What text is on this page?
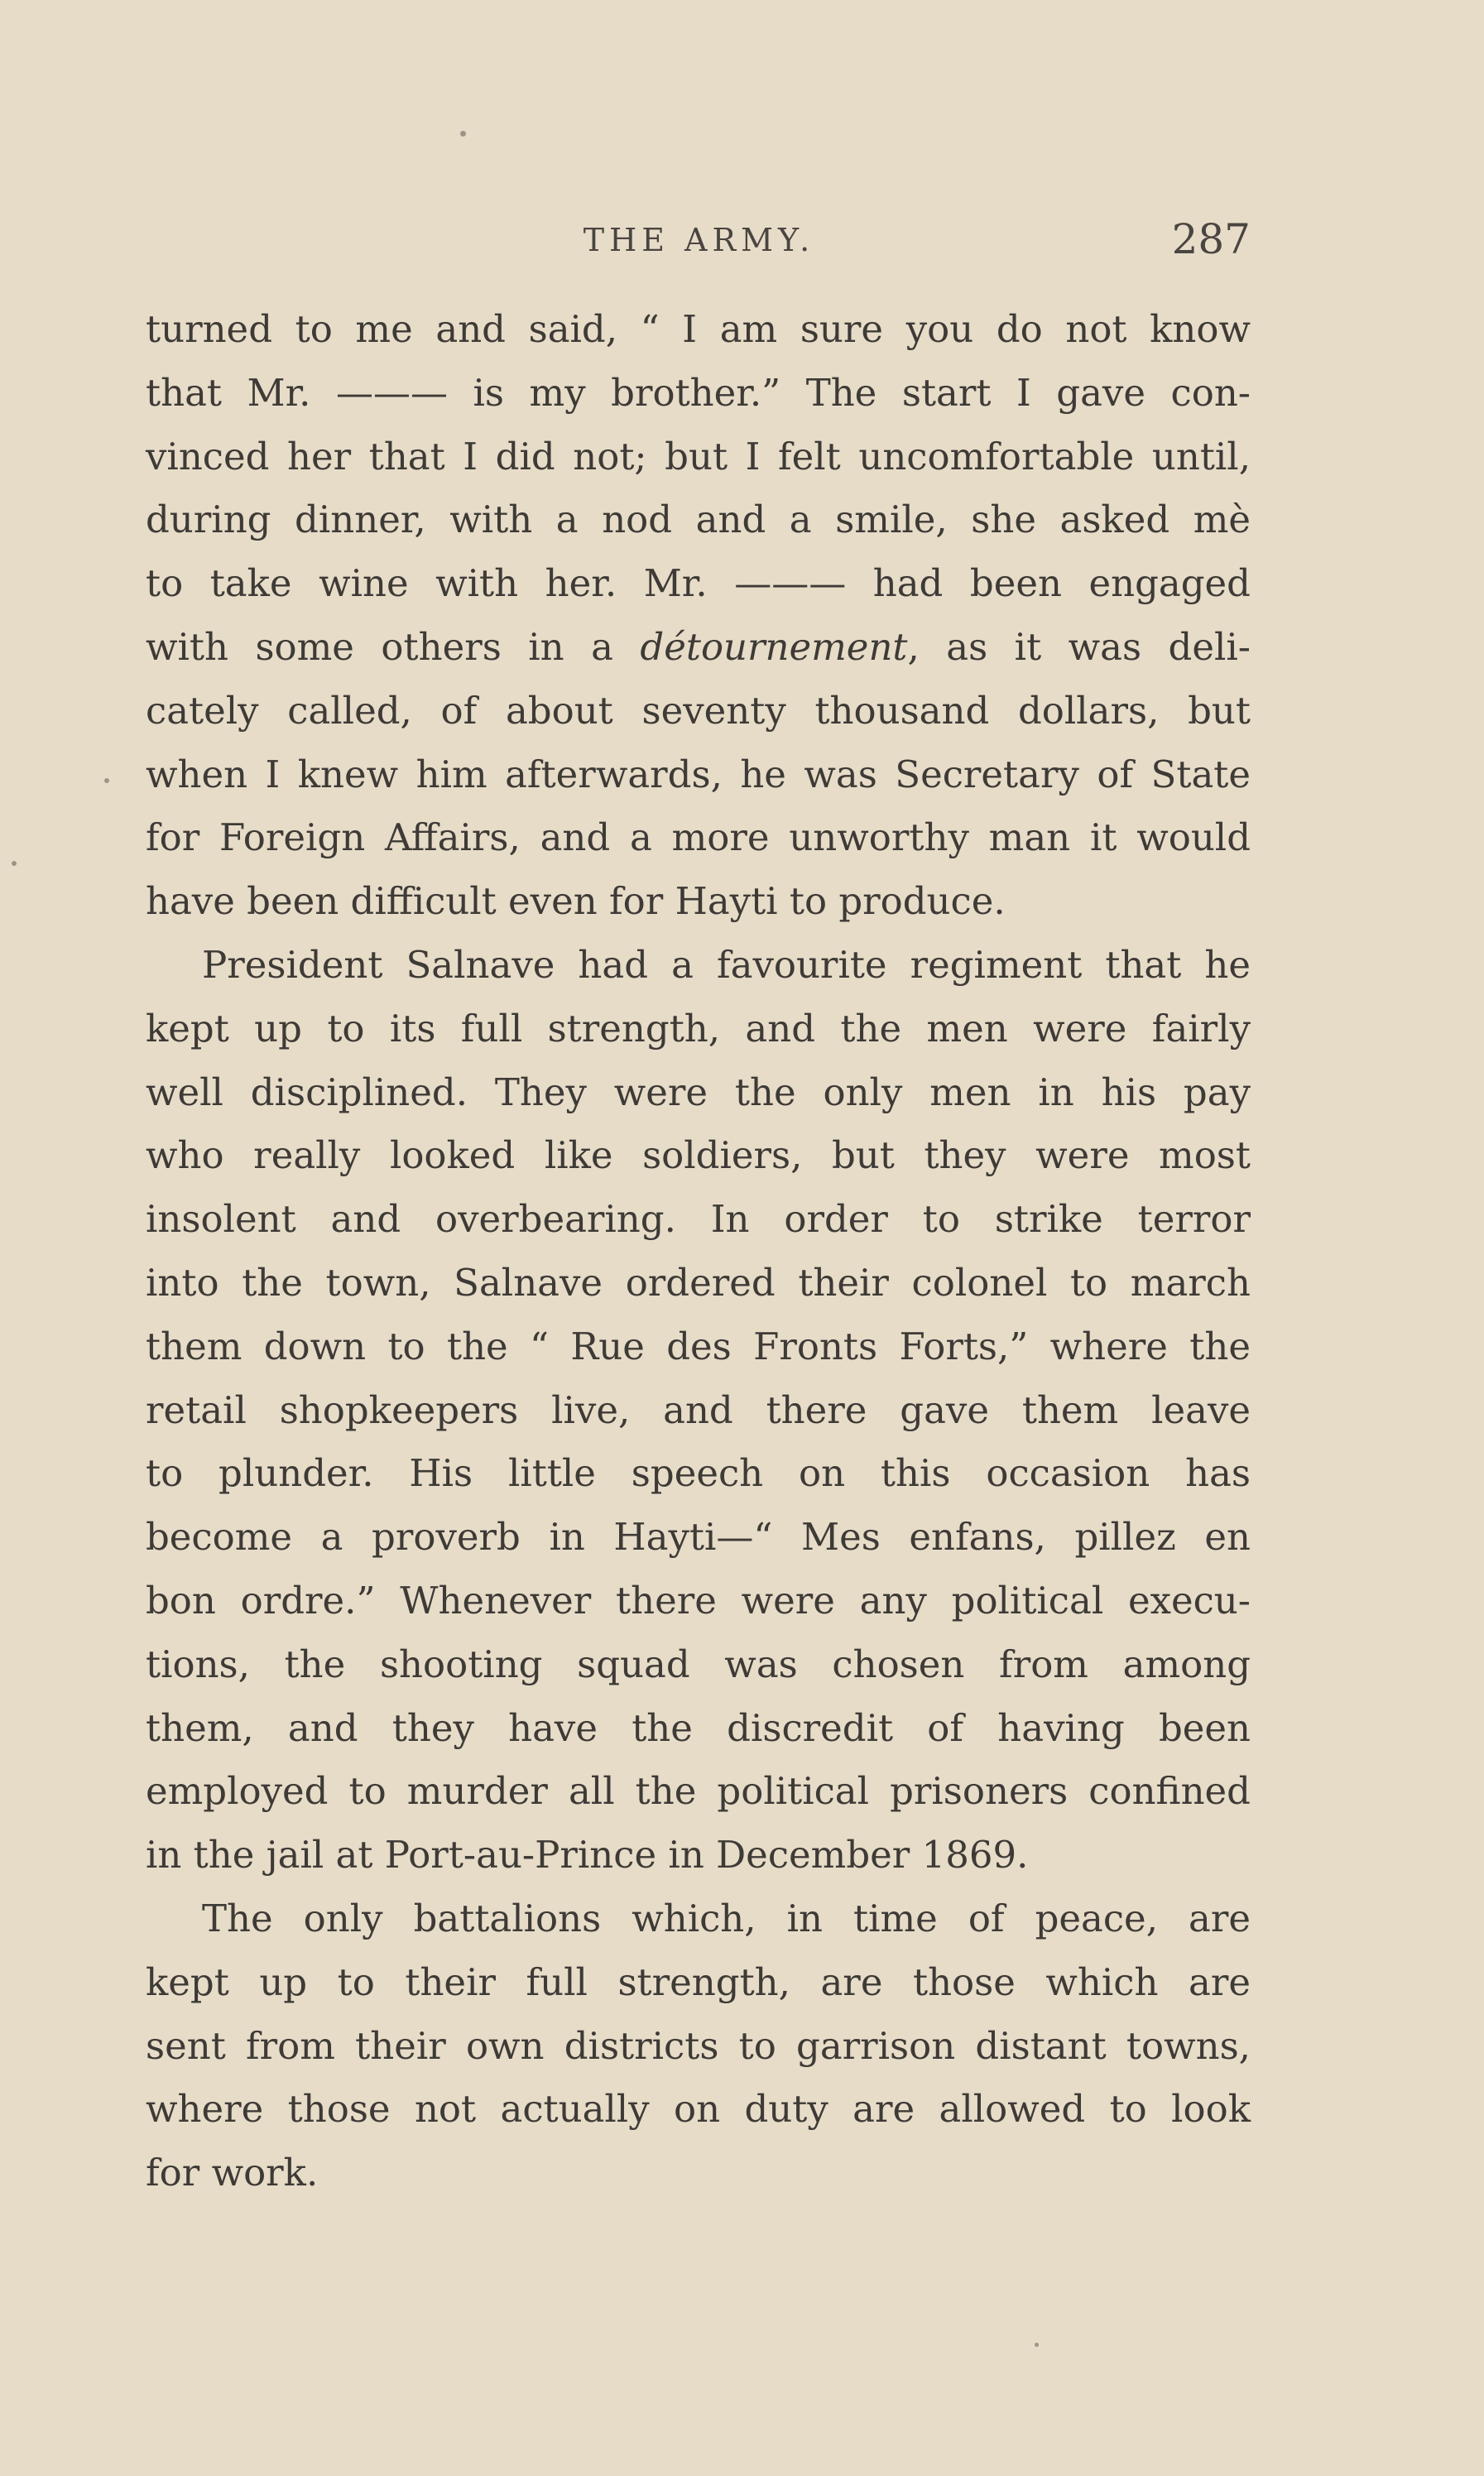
THE ARMY.	287

turned to me and said, “ I am sure you do not know
that Mr. ——— is my brother.” The start I gave con-
vinced her that I did not; but I felt uncomfortable until,
during dinner, with a nod and a smile, she asked mè
to take wine with her. Mr. ——— had been engaged
with some others in a détournement, as it was deli-
cately called, of about seventy thousand dollars, but
when I knew him afterwards, he was Secretary of State
for Foreign Affairs, and a more unworthy man it would
have been difficult even for Hayti to produce.

President Salnave had a favourite regiment that he
kept up to its full strength, and the men were fairly
well disciplined. They were the only men in his pay
who really looked like soldiers, but they were most
insolent and overbearing. In order to strike terror
into the town, Salnave ordered their colonel to march
them down to the “ Rue des Fronts Forts,” where the
retail shopkeepers live, and there gave them leave
to plunder. His little speech on this occasion has
become a proverb in Hayti—“ Mes enfans, pillez en
bon ordre.” Whenever there were any political execu-
tions, the shooting squad was chosen from among
them, and they have the discredit of having been
employed to murder all the political prisoners confined
in the jail at Port-au-Prince in December 1869.

The only battalions which, in time of peace, are
kept up to their full strength, are those which are
sent from their own districts to garrison distant towns,
where those not actually on duty are allowed to look
for work.
